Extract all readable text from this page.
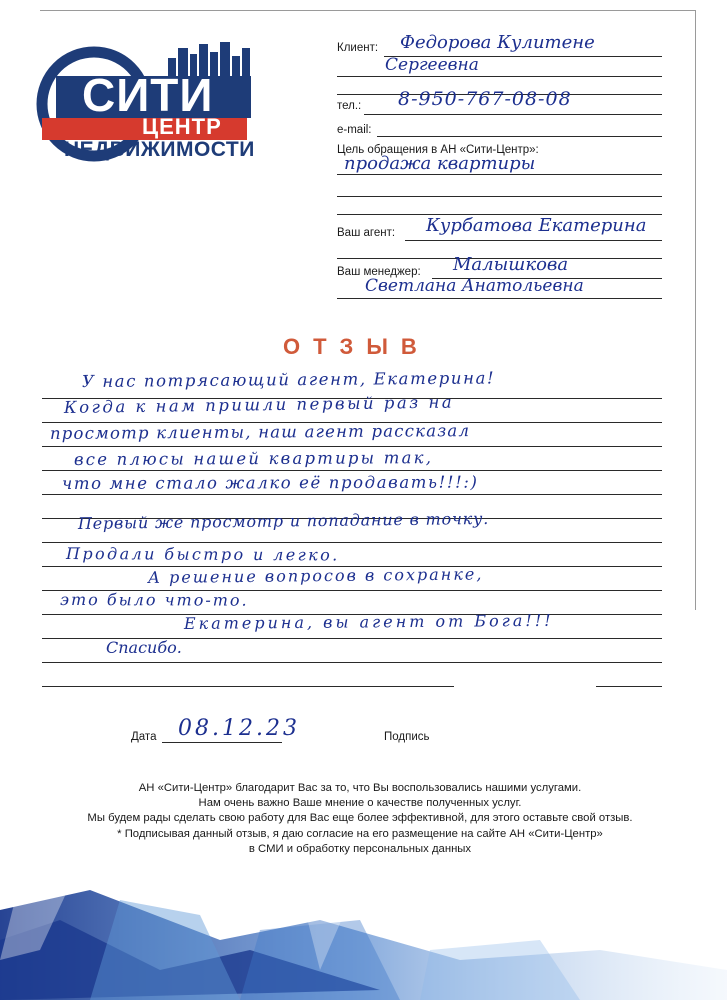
СИТИ
ЦЕНТР
НЕДВИЖИМОСТИ
Клиент: Федорова Кулитене
Сергеевна
тел.: 8-950-767-08-08
e-mail:
Цель обращения в АН «Сити-Центр»:
продажа квартиры
Ваш агент: Курбатова Екатерина
Ваш менеджер: Малышкова
Светлана Анатольевна
ОТЗЫВ
У нас потрясающий агент, Екатерина!
Когда к нам пришли первый раз на
просмотр клиенты, наш агент рассказал
все плюсы нашей квартиры так,
что мне стало жалко её продавать!!!:)
Первый же просмотр и попадание в точку.
Продали быстро и легко.
А решение вопросов в сохранке,
это было что-то.
Екатерина, вы агент от Бога!!!
Спасибо.
Дата 08.12.23	Подпись
АН «Сити-Центр» благодарит Вас за то, что Вы воспользовались нашими услугами.
Нам очень важно Ваше мнение о качестве полученных услуг.
Мы будем рады сделать свою работу для Вас еще более эффективной, для этого оставьте свой отзыв.
* Подписывая данный отзыв, я даю согласие на его размещение на сайте АН «Сити-Центр»
в СМИ и обработку персональных данных
